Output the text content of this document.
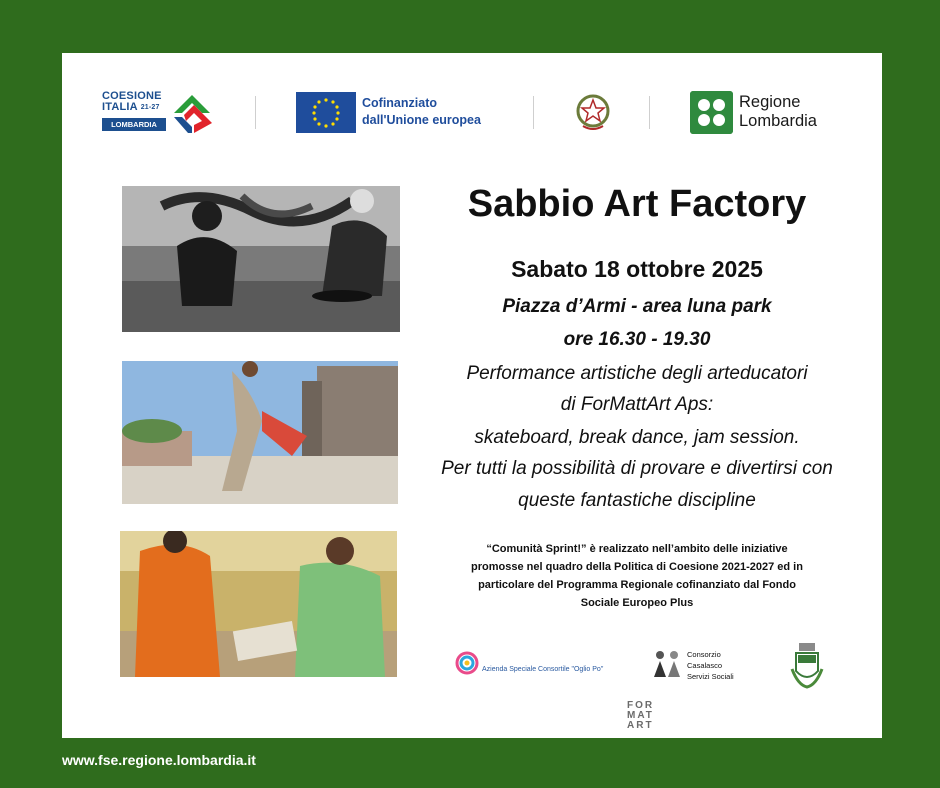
COESIONE
ITALIA $^{21-27}$
LOMBARDIA
Cofinanziato
dall'Unione europea
Regione
Lombardia
Sabbio Art Factory
Sabato 18 ottobre 2025
Piazza d’Armi - area luna park
ore 16.30 - 19.30
Performance artistiche degli arteducatori
di ForMattArt Aps:
skateboard, break dance, jam session.
Per tutti la possibilità di provare e divertirsi con
queste fantastiche discipline
“Comunità Sprint!” è realizzato nell’ambito delle iniziative
promosse nel quadro della Politica di Coesione 2021-2027 ed in
particolare del Programma Regionale cofinanziato dal Fondo
Sociale Europeo Plus
Azienda Speciale Consortile "Oglio Po"
Consorzio
Casalasco
Servizi Sociali
FOR
MAT
ART
www.fse.regione.lombardia.it
